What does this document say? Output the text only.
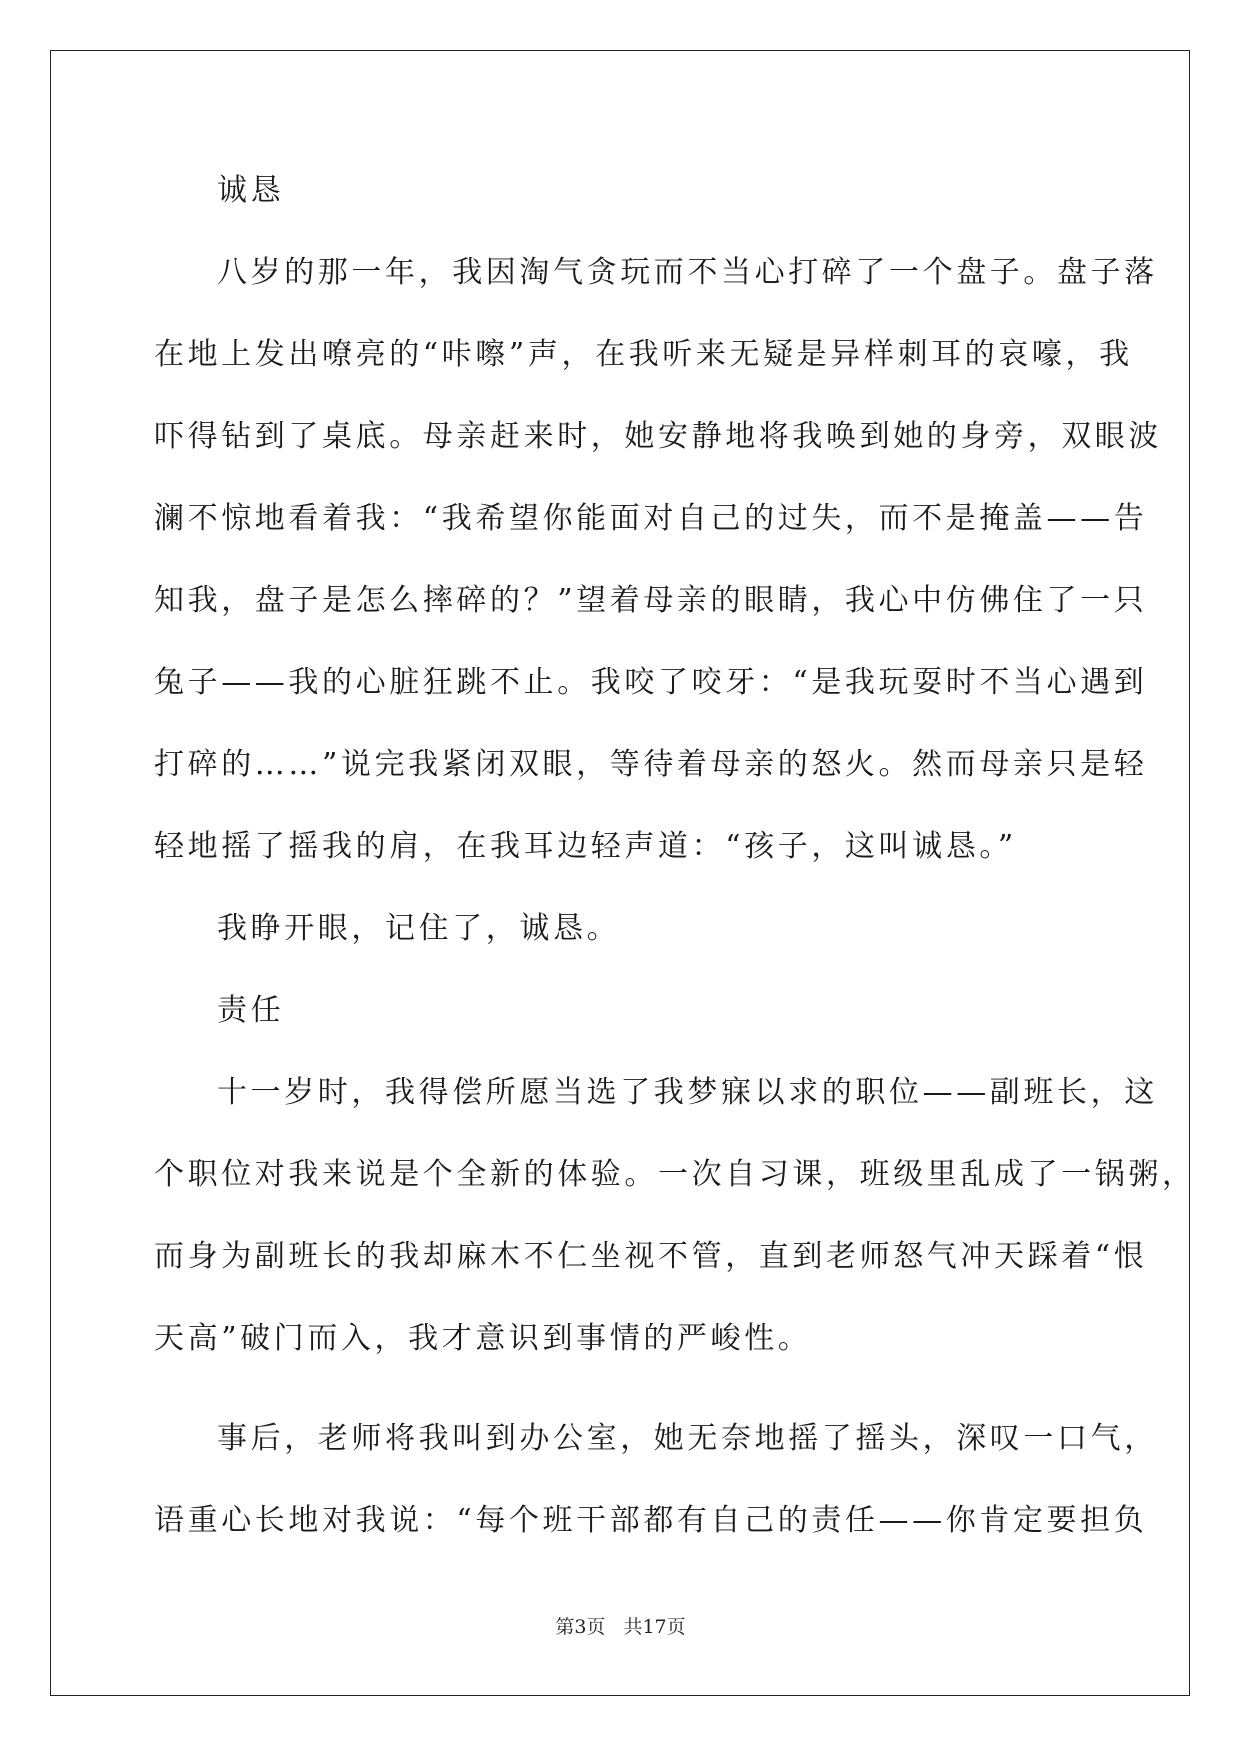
诚恳

八岁的那一年，我因淘气贪玩而不当心打碎了一个盘子。盘子落
在地上发出嘹亮的“咔嚓”声，在我听来无疑是异样刺耳的哀嚎，我
吓得钻到了桌底。母亲赶来时，她安静地将我唤到她的身旁，双眼波
澜不惊地看着我：“我希望你能面对自己的过失，而不是掩盖——告
知我，盘子是怎么摔碎的？”望着母亲的眼睛，我心中仿佛住了一只
兔子——我的心脏狂跳不止。我咬了咬牙：“是我玩耍时不当心遇到
打碎的……”说完我紧闭双眼，等待着母亲的怒火。然而母亲只是轻
轻地摇了摇我的肩，在我耳边轻声道：“孩子，这叫诚恳。”

我睁开眼，记住了，诚恳。

责任

十一岁时，我得偿所愿当选了我梦寐以求的职位——副班长，这
个职位对我来说是个全新的体验。一次自习课，班级里乱成了一锅粥，
而身为副班长的我却麻木不仁坐视不管，直到老师怒气冲天踩着“恨
天高”破门而入，我才意识到事情的严峻性。

事后，老师将我叫到办公室，她无奈地摇了摇头，深叹一口气，
语重心长地对我说：“每个班干部都有自己的责任——你肯定要担负

第3页 共17页
